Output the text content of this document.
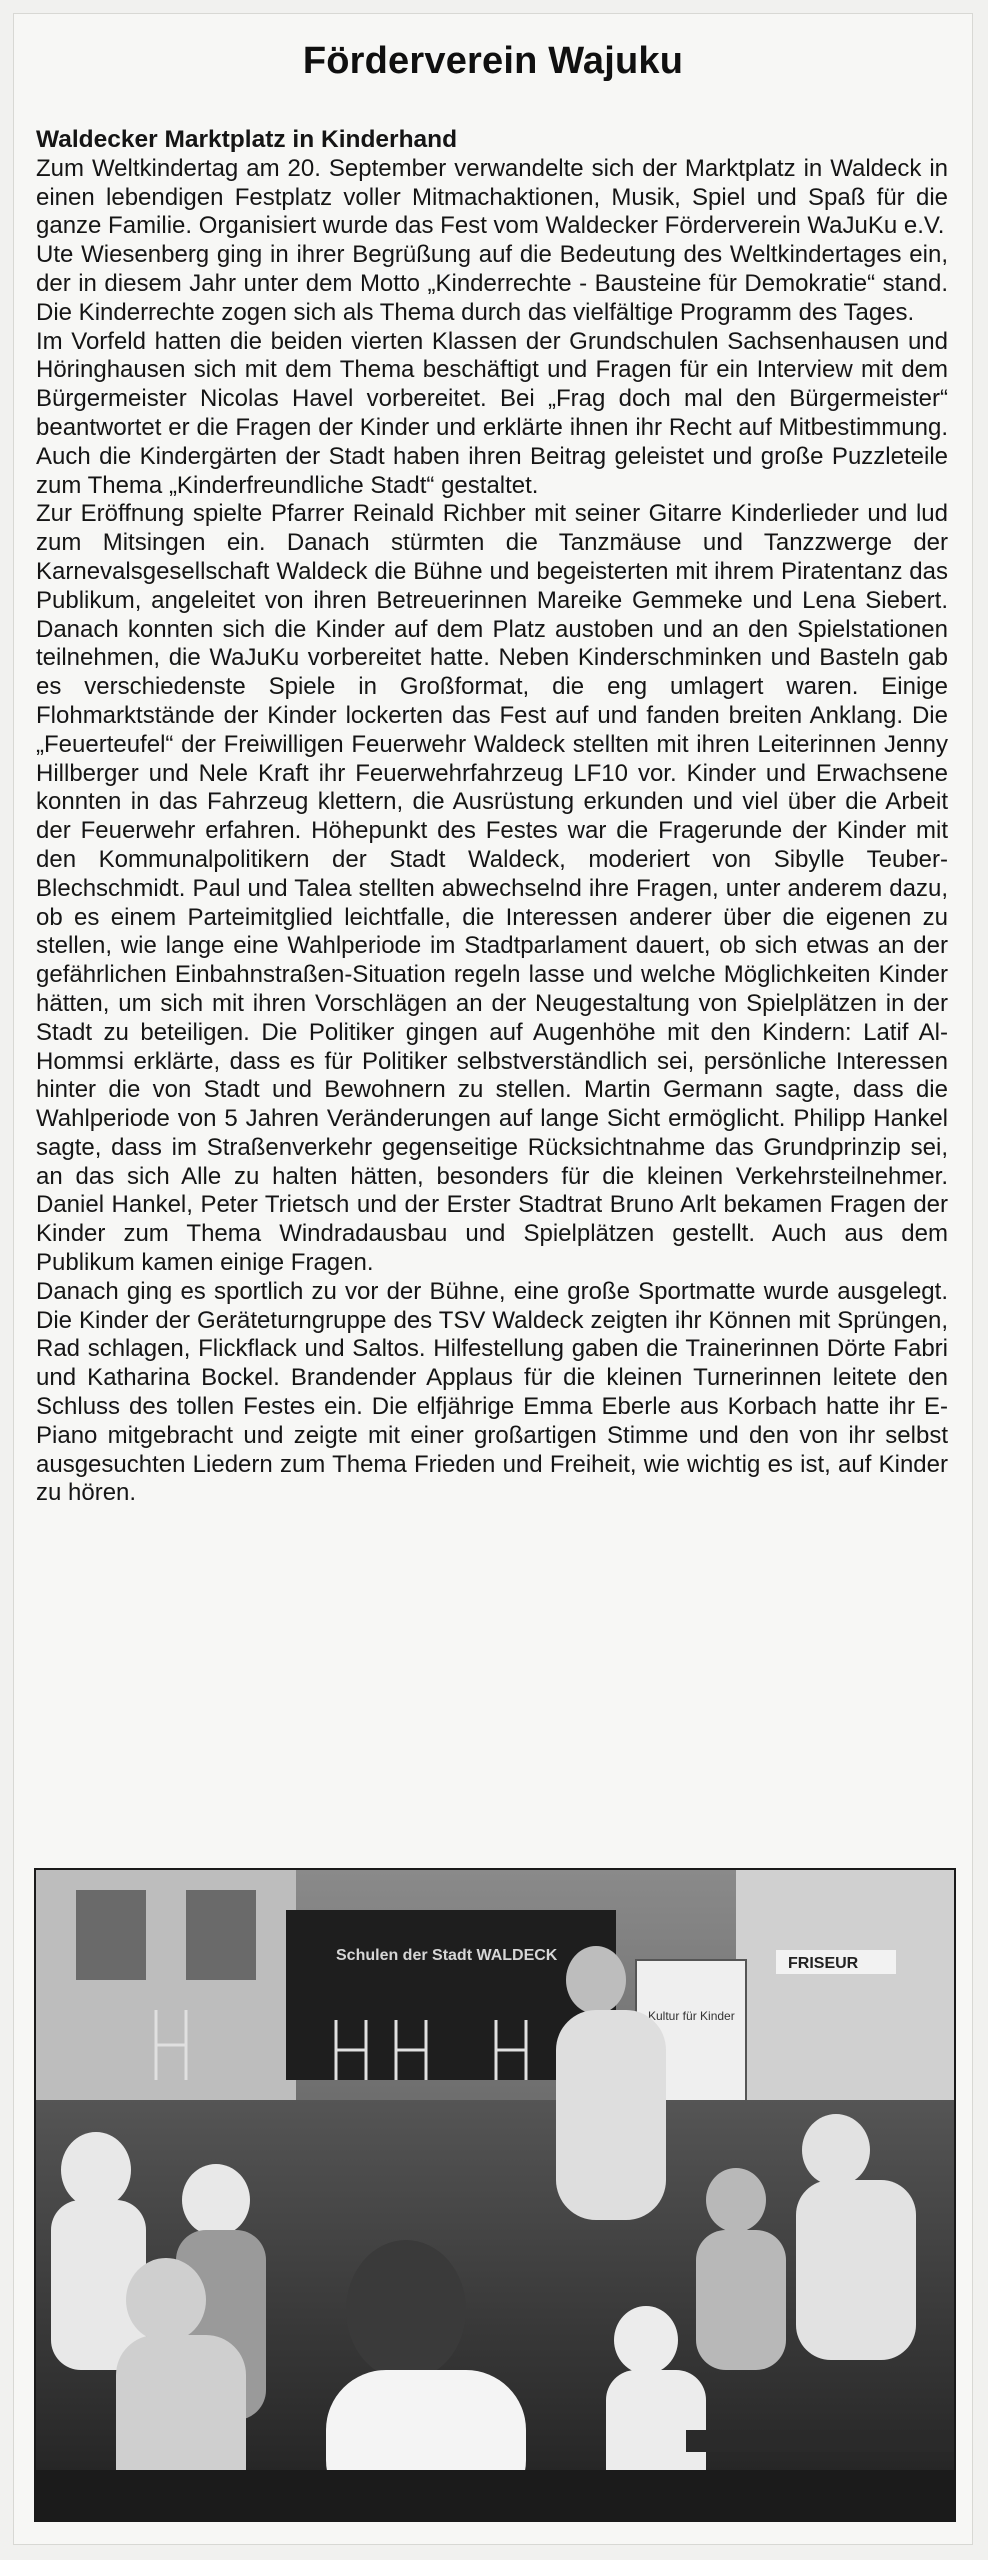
Förderverein Wajuku

Waldecker Marktplatz in Kinderhand

Zum Weltkindertag am 20. September verwandelte sich der Marktplatz in Waldeck in einen lebendigen Festplatz voller Mitmachaktionen, Musik, Spiel und Spaß für die ganze Familie. Organisiert wurde das Fest vom Waldecker Förderverein WaJuKu e.V.

Ute Wiesenberg ging in ihrer Begrüßung auf die Bedeutung des Weltkindertages ein, der in diesem Jahr unter dem Motto „Kinderrechte - Bausteine für Demokratie“ stand. Die Kinderrechte zogen sich als Thema durch das vielfältige Programm des Tages.

Im Vorfeld hatten die beiden vierten Klassen der Grundschulen Sachsenhausen und Höringhausen sich mit dem Thema beschäftigt und Fragen für ein Interview mit dem Bürgermeister Nicolas Havel vorbereitet. Bei „Frag doch mal den Bürgermeister“ beantwortet er die Fragen der Kinder und erklärte ihnen ihr Recht auf Mitbestimmung. Auch die Kindergärten der Stadt haben ihren Beitrag geleistet und große Puzzleteile zum Thema „Kinderfreundliche Stadt“ gestaltet.

Zur Eröffnung spielte Pfarrer Reinald Richber mit seiner Gitarre Kinderlieder und lud zum Mitsingen ein. Danach stürmten die Tanzmäuse und Tanzzwerge der Karnevalsgesellschaft Waldeck die Bühne und begeisterten mit ihrem Piratentanz das Publikum, angeleitet von ihren Betreuerinnen Mareike Gemmeke und Lena Siebert. Danach konnten sich die Kinder auf dem Platz austoben und an den Spielstationen teilnehmen, die WaJuKu vorbereitet hatte. Neben Kinderschminken und Basteln gab es verschiedenste Spiele in Großformat, die eng umlagert waren. Einige Flohmarktstände der Kinder lockerten das Fest auf und fanden breiten Anklang. Die „Feuerteufel“ der Freiwilligen Feuerwehr Waldeck stellten mit ihren Leiterinnen Jenny Hillberger und Nele Kraft ihr Feuerwehrfahrzeug LF10 vor. Kinder und Erwachsene konnten in das Fahrzeug klettern, die Ausrüstung erkunden und viel über die Arbeit der Feuerwehr erfahren. Höhepunkt des Festes war die Fragerunde der Kinder mit den Kommunalpolitikern der Stadt Waldeck, moderiert von Sibylle Teuber-Blechschmidt. Paul und Talea stellten abwechselnd ihre Fragen, unter anderem dazu, ob es einem Parteimitglied leichtfalle, die Interessen anderer über die eigenen zu stellen, wie lange eine Wahlperiode im Stadtparlament dauert, ob sich etwas an der gefährlichen Einbahnstraßen-Situation regeln lasse und welche Möglichkeiten Kinder hätten, um sich mit ihren Vorschlägen an der Neugestaltung von Spielplätzen in der Stadt zu beteiligen. Die Politiker gingen auf Augenhöhe mit den Kindern: Latif Al-Hommsi erklärte, dass es für Politiker selbstverständlich sei, persönliche Interessen hinter die von Stadt und Bewohnern zu stellen. Martin Germann sagte, dass die Wahlperiode von 5 Jahren Veränderungen auf lange Sicht ermöglicht. Philipp Hankel sagte, dass im Straßenverkehr gegenseitige Rücksichtnahme das Grundprinzip sei, an das sich Alle zu halten hätten, besonders für die kleinen Verkehrsteilnehmer. Daniel Hankel, Peter Trietsch und der Erster Stadtrat Bruno Arlt bekamen Fragen der Kinder zum Thema Windradausbau und Spielplätzen gestellt. Auch aus dem Publikum kamen einige Fragen.

Danach ging es sportlich zu vor der Bühne, eine große Sportmatte wurde ausgelegt. Die Kinder der Geräteturngruppe des TSV Waldeck zeigten ihr Können mit Sprüngen, Rad schlagen, Flickflack und Saltos. Hilfestellung gaben die Trainerinnen Dörte Fabri und Katharina Bockel. Brandender Applaus für die kleinen Turnerinnen leitete den Schluss des tollen Festes ein. Die elfjährige Emma Eberle aus Korbach hatte ihr E-Piano mitgebracht und zeigte mit einer großartigen Stimme und den von ihr selbst ausgesuchten Liedern zum Thema Frieden und Freiheit, wie wichtig es ist, auf Kinder zu hören.

Schulen der Stadt WALDECK	FRISEUR
Kultur für Kinder
